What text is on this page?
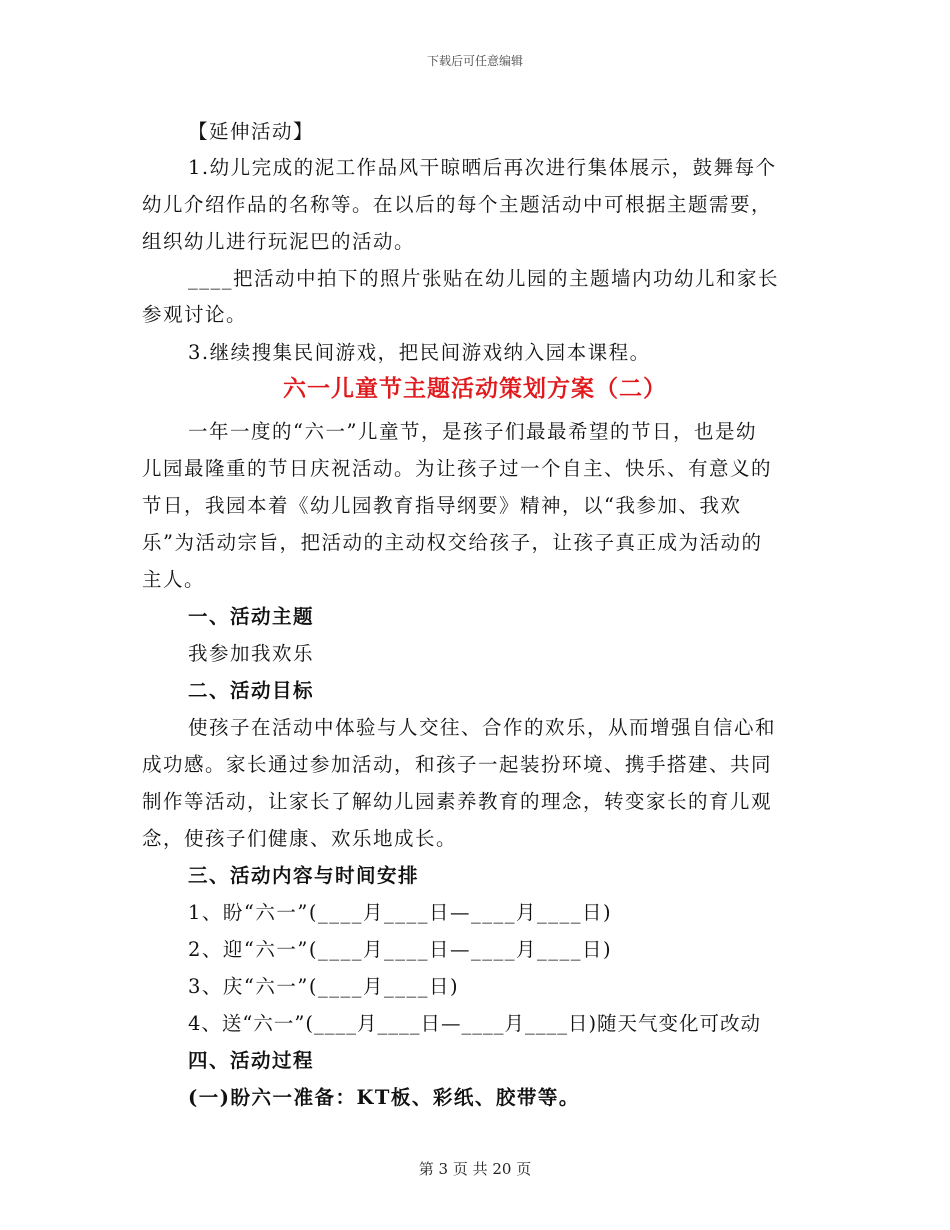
下载后可任意编辑
【延伸活动】
1.幼儿完成的泥工作品风干晾晒后再次进行集体展示，鼓舞每个
幼儿介绍作品的名称等。在以后的每个主题活动中可根据主题需要，
组织幼儿进行玩泥巴的活动。
____把活动中拍下的照片张贴在幼儿园的主题墙内功幼儿和家长
参观讨论。
3.继续搜集民间游戏，把民间游戏纳入园本课程。
六一儿童节主题活动策划方案（二）
一年一度的“六一”儿童节，是孩子们最最希望的节日，也是幼
儿园最隆重的节日庆祝活动。为让孩子过一个自主、快乐、有意义的
节日，我园本着《幼儿园教育指导纲要》精神，以“我参加、我欢
乐”为活动宗旨，把活动的主动权交给孩子，让孩子真正成为活动的
主人。
一、活动主题
我参加我欢乐
二、活动目标
使孩子在活动中体验与人交往、合作的欢乐，从而增强自信心和
成功感。家长通过参加活动，和孩子一起装扮环境、携手搭建、共同
制作等活动，让家长了解幼儿园素养教育的理念，转变家长的育儿观
念，使孩子们健康、欢乐地成长。
三、活动内容与时间安排
1、盼“六一”(____月____日—____月____日)
2、迎“六一”(____月____日—____月____日)
3、庆“六一”(____月____日)
4、送“六一”(____月____日—____月____日)随天气变化可改动
四、活动过程
(一)盼六一准备：KT板、彩纸、胶带等。
第 3 页 共 20 页
